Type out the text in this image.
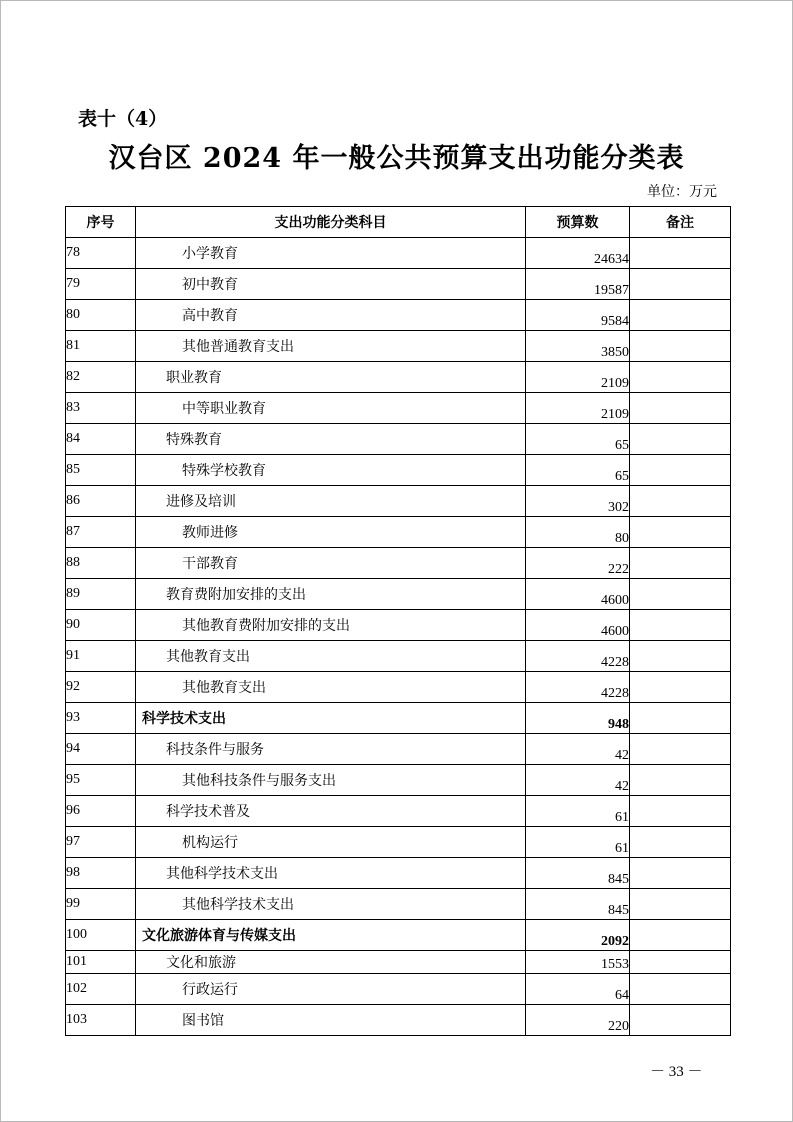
表十（4）
汉台区 2024 年一般公共预算支出功能分类表
单位：万元
序号	支出功能分类科目	预算数	备注
78	小学教育	24634	
79	初中教育	19587	
80	高中教育	9584	
81	其他普通教育支出	3850	
82	职业教育	2109	
83	中等职业教育	2109	
84	特殊教育	65	
85	特殊学校教育	65	
86	进修及培训	302	
87	教师进修	80	
88	干部教育	222	
89	教育费附加安排的支出	4600	
90	其他教育费附加安排的支出	4600	
91	其他教育支出	4228	
92	其他教育支出	4228	
93	科学技术支出	948	
94	科技条件与服务	42	
95	其他科技条件与服务支出	42	
96	科学技术普及	61	
97	机构运行	61	
98	其他科学技术支出	845	
99	其他科学技术支出	845	
100	文化旅游体育与传媒支出	2092	
101	文化和旅游	1553	
102	行政运行	64	
103	图书馆	220	
－ 33 －
